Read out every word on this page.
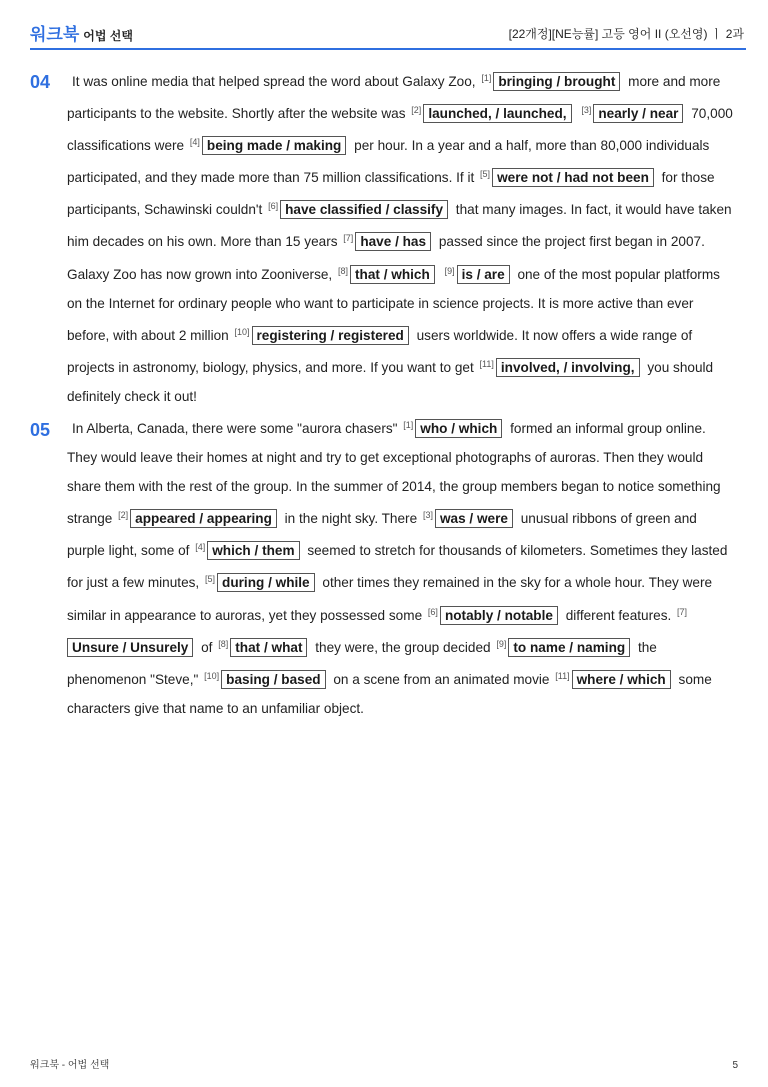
워크북 어법 선택	[22개정][NE능률] 고등 영어 II (오선영) ㅣ 2과
04	It was online media that helped spread the word about Galaxy Zoo, [1] bringing / brought more and more participants to the website. Shortly after the website was [2] launched, / launched, [3] nearly / near 70,000 classifications were [4] being made / making per hour. In a year and a half, more than 80,000 individuals participated, and they made more than 75 million classifications. If it [5] were not / had not been for those participants, Schawinski couldn't [6] have classified / classify that many images. In fact, it would have taken him decades on his own. More than 15 years [7] have / has passed since the project first began in 2007. Galaxy Zoo has now grown into Zooniverse, [8] that / which [9] is / are one of the most popular platforms on the Internet for ordinary people who want to participate in science projects. It is more active than ever before, with about 2 million [10] registering / registered users worldwide. It now offers a wide range of projects in astronomy, biology, physics, and more. If you want to get [11] involved, / involving, you should definitely check it out!
05	In Alberta, Canada, there were some "aurora chasers" [1] who / which formed an informal group online. They would leave their homes at night and try to get exceptional photographs of auroras. Then they would share them with the rest of the group. In the summer of 2014, the group members began to notice something strange [2] appeared / appearing in the night sky. There [3] was / were unusual ribbons of green and purple light, some of [4] which / them seemed to stretch for thousands of kilometers. Sometimes they lasted for just a few minutes, [5] during / while other times they remained in the sky for a whole hour. They were similar in appearance to auroras, yet they possessed some [6] notably / notable different features. [7]Unsure / Unsurely of [8] that / what they were, the group decided [9] to name / naming the phenomenon "Steve," [10] basing / based on a scene from an animated movie [11] where / which some characters give that name to an unfamiliar object.
워크북 - 어법 선택	5
